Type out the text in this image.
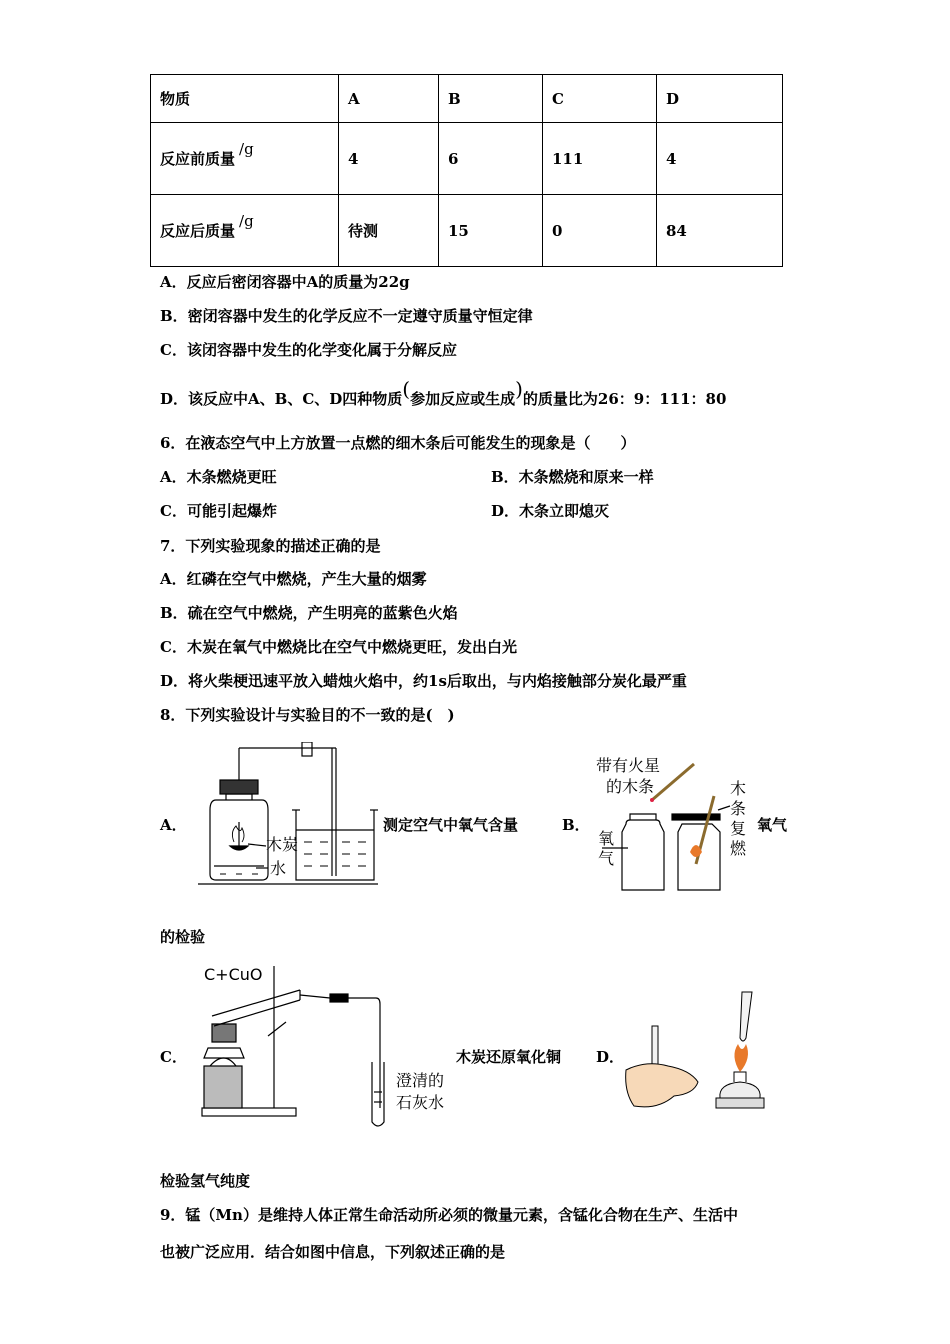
物质	A	B	C	D
反应前质量/g	4	6	111	4
反应后质量/g	待测	15	0	84
A．反应后密闭容器中A的质量为22g
B．密闭容器中发生的化学反应不一定遵守质量守恒定律
C．该闭容器中发生的化学变化属于分解反应
D．该反应中A、B、C、D四种物质(参加反应或生成)的质量比为26：9：111：80
6．在液态空气中上方放置一点燃的细木条后可能发生的现象是（　　）
A．木条燃烧更旺	B．木条燃烧和原来一样
C．可能引起爆炸	D．木条立即熄灭
7．下列实验现象的描述正确的是
A．红磷在空气中燃烧，产生大量的烟雾
B．硫在空气中燃烧，产生明亮的蓝紫色火焰
C．木炭在氧气中燃烧比在空气中燃烧更旺，发出白光
D．将火柴梗迅速平放入蜡烛火焰中，约1s后取出，与内焰接触部分炭化最严重
8．下列实验设计与实验目的不一致的是(　)
A．
木炭
水
测定空气中氧气含量	B．
带有火星
的木条
氧
气
木
条
复
燃
氧气
的检验
C．
C+CuO
澄清的
石灰水
木炭还原氧化铜 D．
检验氢气纯度
9．锰（Mn）是维持人体正常生命活动所必须的微量元素，含锰化合物在生产、生活中
也被广泛应用．结合如图中信息，下列叙述正确的是
